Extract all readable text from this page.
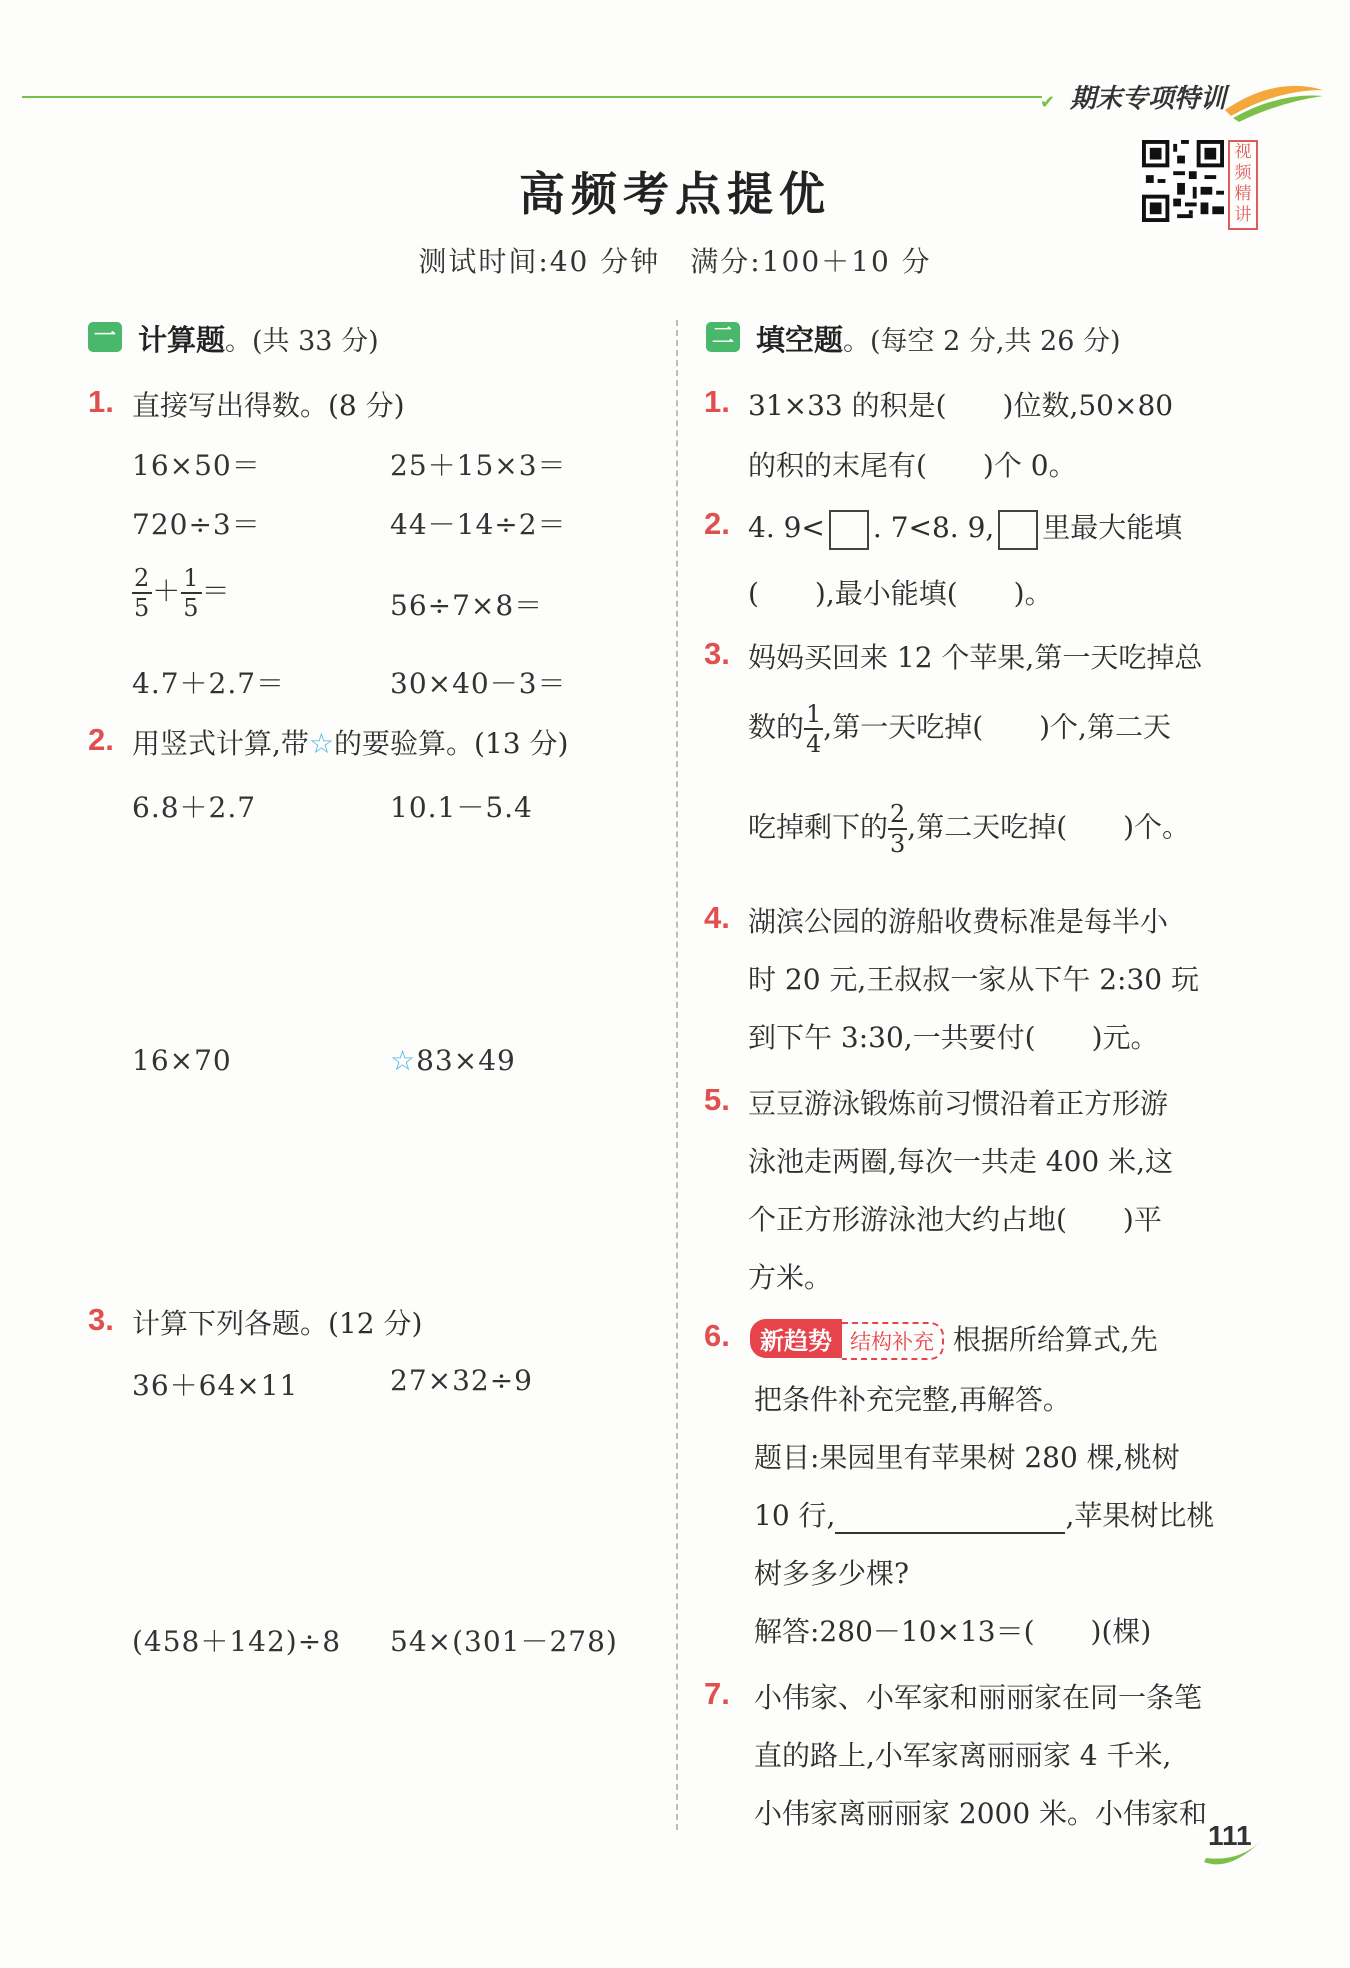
✔ 期末专项特训
高频考点提优
测试时间:40 分钟　满分:100＋10 分
视频精讲
一 计算题。(共 33 分)
1. 直接写出得数。(8 分)
16×50＝	25＋15×3＝
720÷3＝	44－14÷2＝
$\frac{2}{5} + \frac{1}{5}$ ＝	56÷7×8＝
4.7＋2.7＝	30×40－3＝
2. 用竖式计算,带☆的要验算。(13 分)
6.8＋2.7	10.1－5.4
16×70	☆83×49
3. 计算下列各题。(12 分)
36＋64×11	27×32÷9
(458＋142)÷8 54×(301－278)
二 填空题。(每空 2 分,共 26 分)
1. 31×33 的积是(　　)位数,50×80
的积的末尾有(　　)个 0。
2. 4. 9< . 7<8. 9, 里最大能填
(　　),最小能填(　　)。
3. 妈妈买回来 12 个苹果,第一天吃掉总
数的 $\frac{1}{4}$ ,第一天吃掉(　　)个,第二天
吃掉剩下的 $\frac{2}{3}$ ,第二天吃掉(　　)个。
4. 湖滨公园的游船收费标准是每半小
时 20 元,王叔叔一家从下午 2:30 玩
到下午 3:30,一共要付(　　)元。
5. 豆豆游泳锻炼前习惯沿着正方形游
泳池走两圈,每次一共走 400 米,这
个正方形游泳池大约占地(　　)平
方米。
6.	新趋势 结构补充 根据所给算式,先
把条件补充完整,再解答。
题目:果园里有苹果树 280 棵,桃树
10 行,	,苹果树比桃
树多多少棵?
解答:280－10×13＝(　　)(棵)
7. 小伟家、小军家和丽丽家在同一条笔
直的路上,小军家离丽丽家 4 千米,
小伟家离丽丽家 2000 米。小伟家和
111
